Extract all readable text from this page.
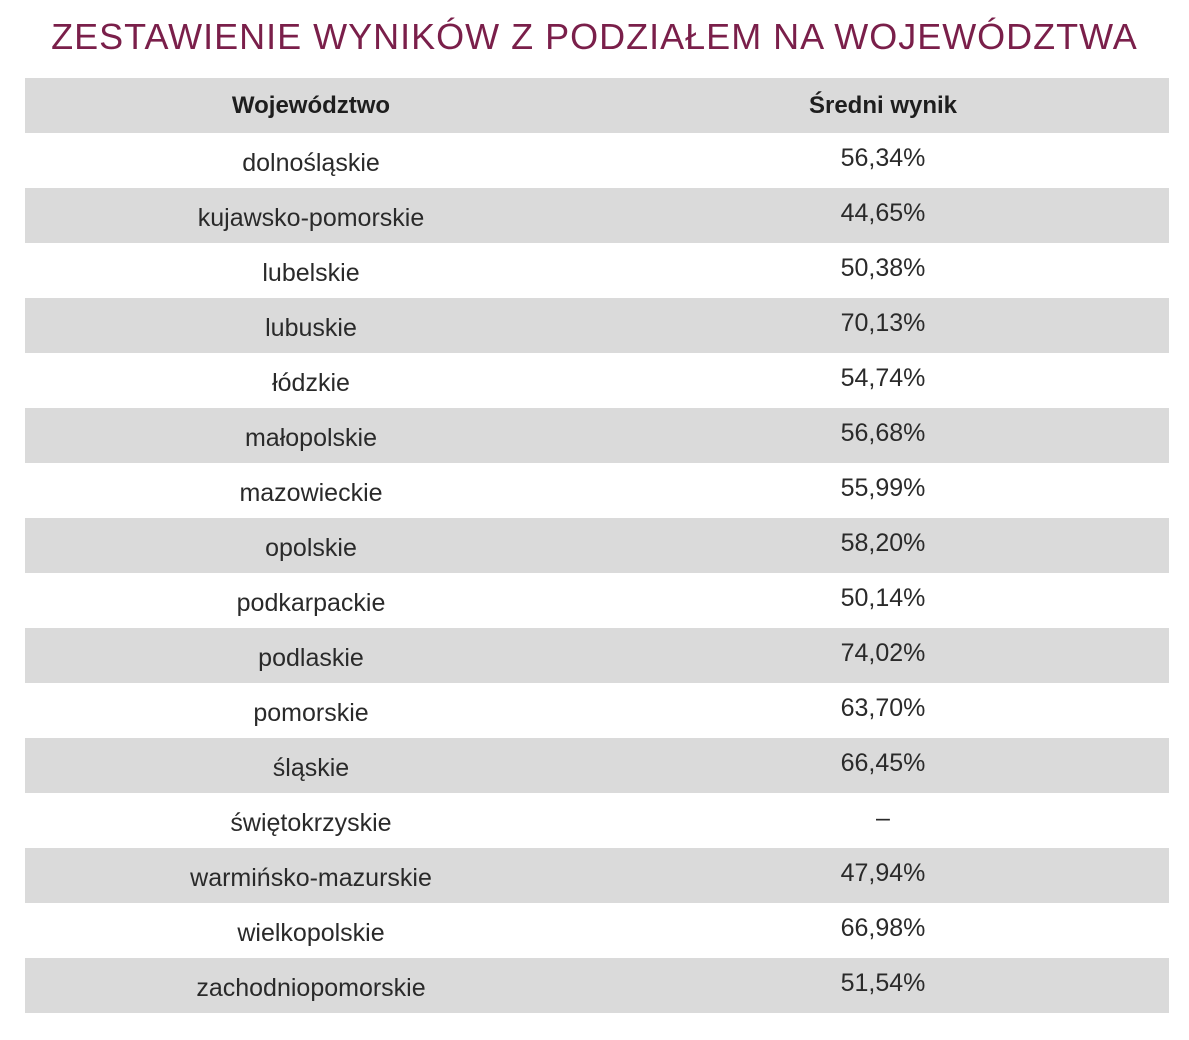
ZESTAWIENIE WYNIKÓW Z PODZIAŁEM NA WOJEWÓDZTWA
Województwo	Średni wynik
dolnośląskie	56,34%
kujawsko-pomorskie	44,65%
lubelskie	50,38%
lubuskie	70,13%
łódzkie	54,74%
małopolskie	56,68%
mazowieckie	55,99%
opolskie	58,20%
podkarpackie	50,14%
podlaskie	74,02%
pomorskie	63,70%
śląskie	66,45%
świętokrzyskie	–
warmińsko-mazurskie	47,94%
wielkopolskie	66,98%
zachodniopomorskie	51,54%
